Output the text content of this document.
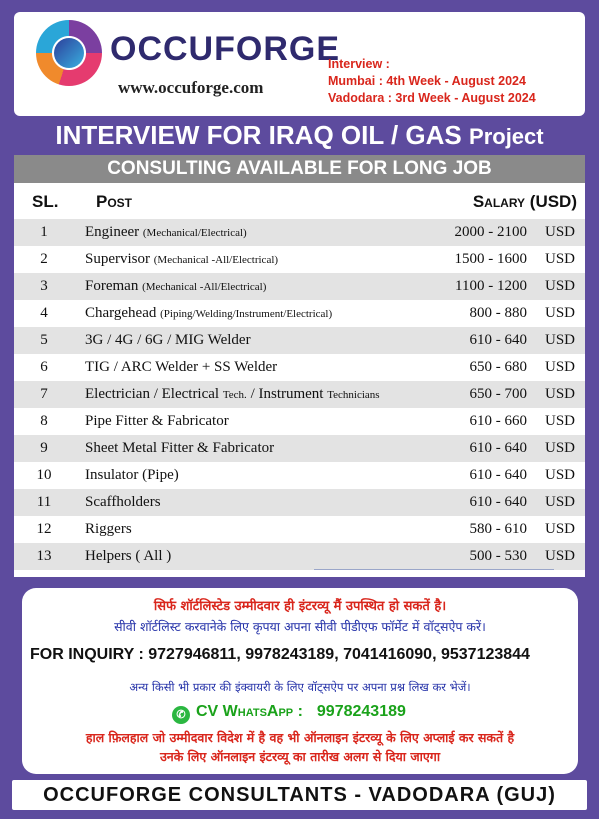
OCCUFORGE
www.occuforge.com
Interview :
Mumbai : 4th Week - August 2024
Vadodara : 3rd Week - August 2024
INTERVIEW FOR IRAQ OIL / GAS Project
CONSULTING AVAILABLE FOR LONG JOB
SL. Post	Salary (USD)
1	Engineer (Mechanical/Electrical)	2000 - 2100 USD
2	Supervisor (Mechanical -All/Electrical)	1500 - 1600 USD
3	Foreman (Mechanical -All/Electrical)	1100 - 1200 USD
4	Chargehead (Piping/Welding/Instrument/Electrical)	800 - 880 USD
5	3G / 4G / 6G / MIG Welder	610 - 640 USD
6	TIG / ARC Welder + SS Welder	650 - 680 USD
7	Electrician / Electrical Tech. / Instrument Technicians	650 - 700 USD
8	Pipe Fitter & Fabricator	610 - 660 USD
9	Sheet Metal Fitter & Fabricator	610 - 640 USD
10	Insulator (Pipe)	610 - 640 USD
11	Scaffholders	610 - 640 USD
12	Riggers	580 - 610 USD
13	Helpers ( All )	500 - 530 USD
सिर्फ शॉर्टलिस्टेड उम्मीदवार ही इंटरव्यू मैं उपस्थित हो सकतें है।
सीवी शॉर्टलिस्ट करवानेके लिए कृपया अपना सीवी पीडीएफ फॉर्मेट में वॉट्सऐप करें।
FOR INQUIRY : 9727946811, 9978243189, 7041416090, 9537123844
अन्य किसी भी प्रकार की इंक्वायरी के लिए वॉट्सऐप पर अपना प्रश्न लिख कर भेजें।
✆ CV WhatsApp : 9978243189
हाल फ़िलहाल जो उम्मीदवार विदेश में है वह भी ऑनलाइन इंटरव्यू के लिए अप्लाई कर सकतें है
उनके लिए ऑनलाइन इंटरव्यू का तारीख अलग से दिया जाएगा
OCCUFORGE CONSULTANTS - VADODARA (GUJ)
